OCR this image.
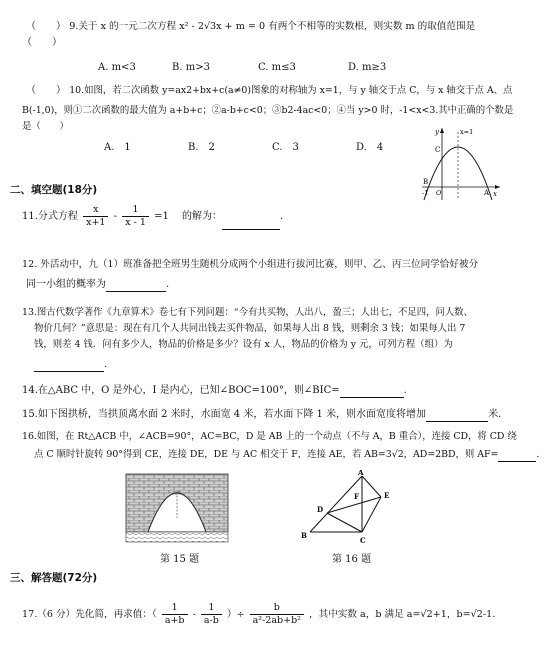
（　　） 9.关于 x 的一元二次方程 x² - 2√3x + m = 0 有两个不相等的实数根，则实数 m 的取值范围是
（　　）
A. m<3	B. m>3	C. m≤3	D. m≥3
（　　） 10.如图，若二次函数 y=ax2+bx+c(a≠0)图象的对称轴为 x=1，与 y 轴交于点 C，与 x 轴交于点 A、点
B(-1,0)，则①二次函数的最大值为 a+b+c；②a-b+c<0；③b2-4ac<0；④当 y>0 时，-1<x<3.其中正确的个数是
是（　　）
A.　1	B.　2	C.　3	D.　4
y	x=1
C
B
-1 O	A x
二、填空题(18分)
11.分式方程 $\frac{x}{x+1} - \frac{1}{x - 1} =1$ 的解为：	.
12. 外活动中，九（1）班准备把全班男生随机分成两个小组进行拔河比赛，则甲、乙、丙三位同学恰好被分
同一小组的概率为	.
13.图古代数学著作《九章算术》卷七有下列问题：“今有共买物，人出八，盈三；人出七，不足四，问人数、
物价几何？”意思是：现在有几个人共同出钱去买件物品，如果每人出 8 钱，则剩余 3 钱；如果每人出 7
钱，则差 4 钱．问有多少人，物品的价格是多少？设有 x 人，物品的价格为 y 元，可列方程（组）为
．
14.在△ABC 中，O 是外心，I 是内心，已知∠BOC=100°，则∠BIC=	.
15.如下图拱桥，当拱顶离水面 2 米时，水面宽 4 米，若水面下降 1 米，则水面宽度将增加	米.
16.如图，在 Rt△ACB 中，∠ACB=90°，AC=BC，D 是 AB 上的一个动点（不与 A，B 重合），连接 CD，将 CD 绕
点 C 顺时针旋转 90°得到 CE，连接 DE，DE 与 AC 相交于 F，连接 AE，若 AB=3√2，AD=2BD，则 AF=	.
第 15 题
A
B
C
D
E
F
第 16 题
三、解答题(72分)
17.（6 分）先化简，再求值：（ $\frac{1}{a+b} - \frac{1}{a-b}$ ）÷ $\frac{b}{\text{a²-2ab+b²}}$ ，其中实数 a，b 满足 a=√2+1，b=√2-1.
